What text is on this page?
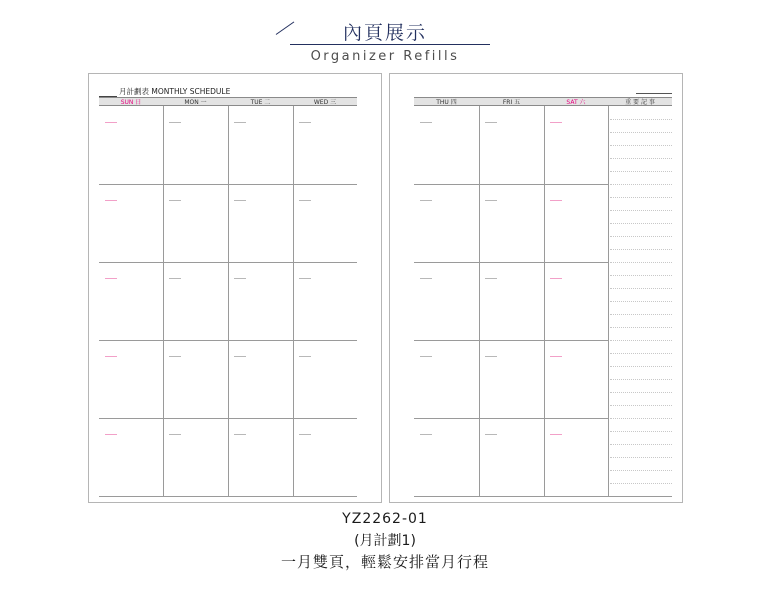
內頁展示
Organizer Refills
月計劃表 MONTHLY SCHEDULE
SUN 日	MON 一	TUE 二	WED 三	THU 四	FRI 五	SAT 六	重 要 記 事
YZ2262-01
(月計劃1)
一月雙頁，輕鬆安排當月行程
